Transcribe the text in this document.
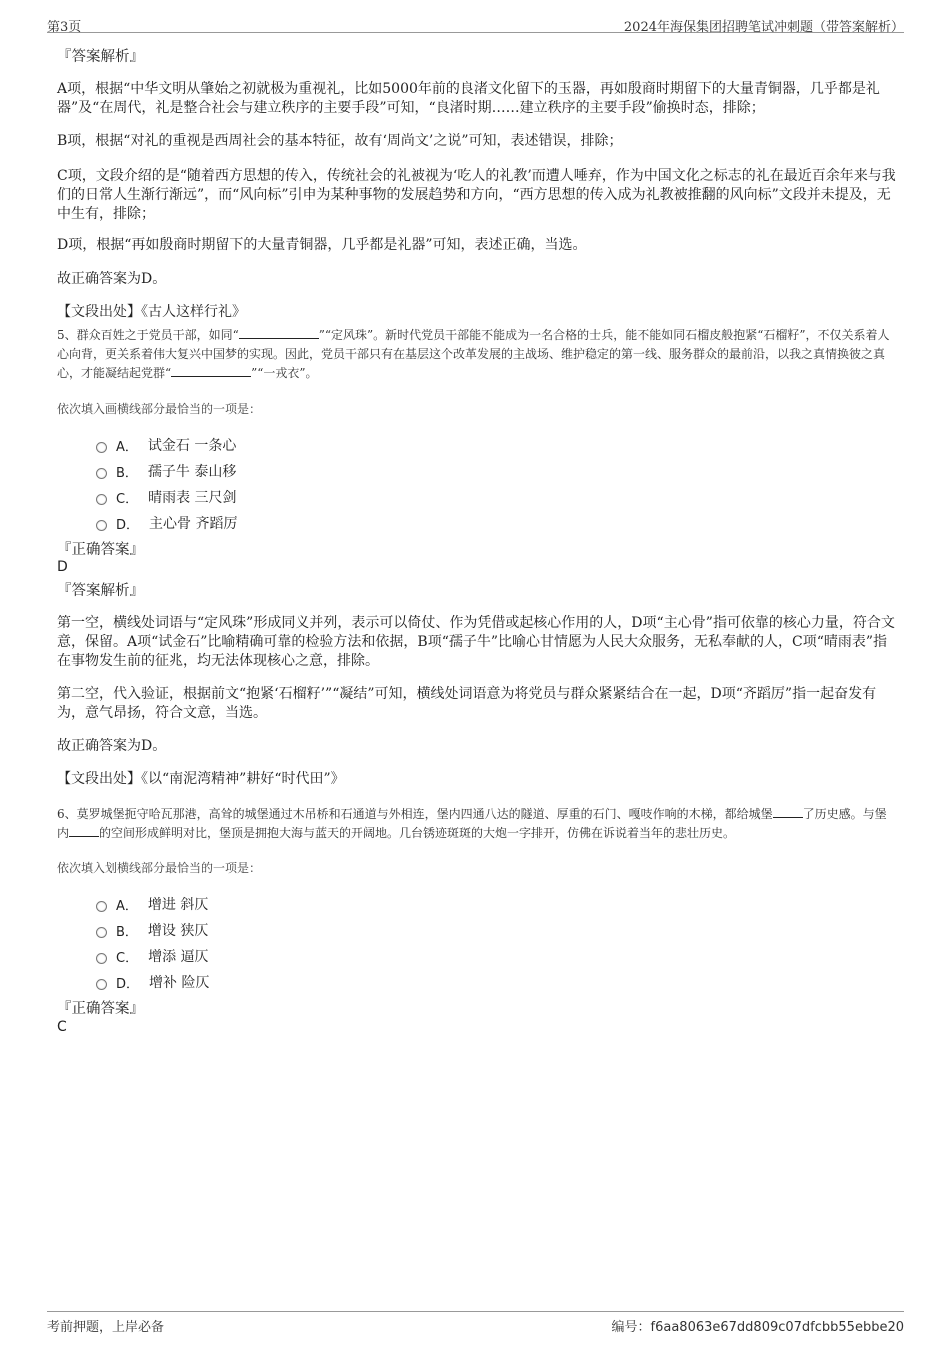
第3页	2024年海保集团招聘笔试冲刺题（带答案解析）

『答案解析』

A项，根据“中华文明从肇始之初就极为重视礼，比如5000年前的良渚文化留下的玉器，再如殷商时期留下的大量青铜器，几乎都是礼器”及“在周代，礼是整合社会与建立秩序的主要手段”可知，“良渚时期……建立秩序的主要手段”偷换时态，排除；

B项，根据“对礼的重视是西周社会的基本特征，故有‘周尚文’之说”可知，表述错误，排除；

C项，文段介绍的是“随着西方思想的传入，传统社会的礼被视为‘吃人的礼教’而遭人唾弃，作为中国文化之标志的礼在最近百余年来与我们的日常人生渐行渐远”，而“风向标”引申为某种事物的发展趋势和方向，“西方思想的传入成为礼教被推翻的风向标”文段并未提及，无中生有，排除；

D项，根据“再如殷商时期留下的大量青铜器，几乎都是礼器”可知，表述正确，当选。

故正确答案为D。

【文段出处】《古人这样行礼》

5、群众百姓之于党员干部，如同“	”“定风珠”。新时代党员干部能不能成为一名合格的士兵，能不能如同石榴皮般抱紧“石榴籽”，不仅关系着人心向背，更关系着伟大复兴中国梦的实现。因此，党员干部只有在基层这个改革发展的主战场、维护稳定的第一线、服务群众的最前沿，以我之真情换彼之真心，才能凝结起党群“	”“一戎衣”。

依次填入画横线部分最恰当的一项是：

A． 试金石 一条心
B． 孺子牛 泰山移
C． 晴雨表 三尺剑
D． 主心骨 齐蹈厉

『正确答案』

D

『答案解析』

第一空，横线处词语与“定风珠”形成同义并列，表示可以倚仗、作为凭借或起核心作用的人，D项“主心骨”指可依靠的核心力量，符合文意，保留。A项“试金石”比喻精确可靠的检验方法和依据，B项“孺子牛”比喻心甘情愿为人民大众服务，无私奉献的人，C项“晴雨表”指在事物发生前的征兆，均无法体现核心之意，排除。

第二空，代入验证，根据前文“抱紧‘石榴籽’”“凝结”可知，横线处词语意为将党员与群众紧紧结合在一起，D项“齐蹈厉”指一起奋发有为，意气昂扬，符合文意，当选。

故正确答案为D。

【文段出处】《以“南泥湾精神”耕好“时代田”》

6、莫罗城堡扼守哈瓦那港，高耸的城堡通过木吊桥和石通道与外相连，堡内四通八达的隧道、厚重的石门、嘎吱作响的木梯，都给城堡	了历史感。与堡内	的空间形成鲜明对比，堡顶是拥抱大海与蓝天的开阔地。几台锈迹斑斑的大炮一字排开，仿佛在诉说着当年的悲壮历史。

依次填入划横线部分最恰当的一项是：

A． 增进 斜仄
B． 增设 狭仄
C． 增添 逼仄
D． 增补 险仄

『正确答案』

C

考前押题，上岸必备	编号：f6aa8063e67dd809c07dfcbb55ebbe20
